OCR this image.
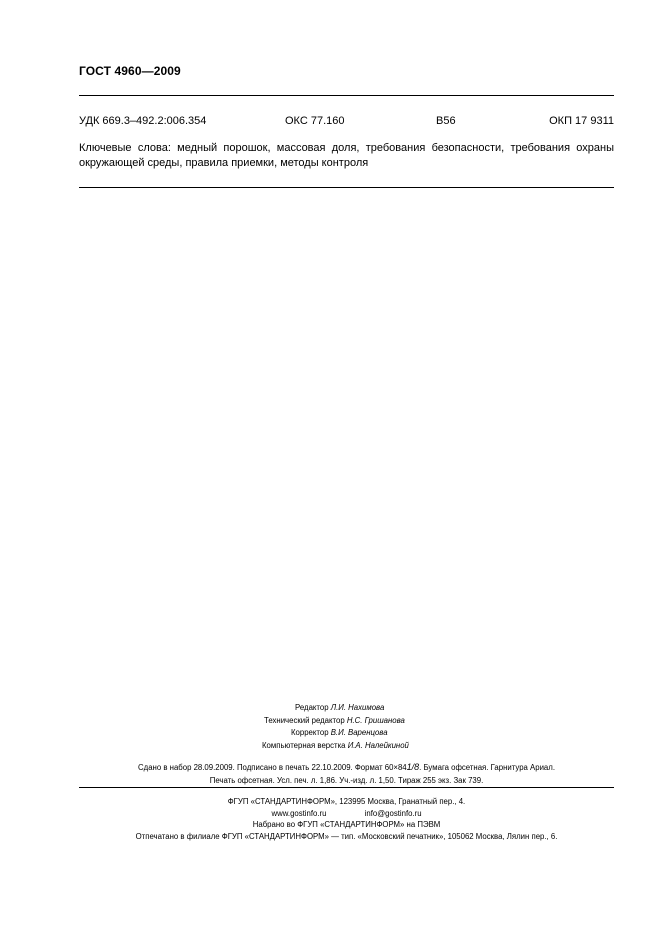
ГОСТ 4960—2009
УДК 669.3–492.2:006.354	ОКС 77.160	В56	ОКП 17 9311
Ключевые слова: медный порошок, массовая доля, требования безопасности, требования охраны
окружающей среды, правила приемки, методы контроля
Редактор Л.И. Нахимова
Технический редактор Н.С. Гришанова
Корректор В.И. Варенцова
Компьютерная верстка И.А. Налейкиной
Сдано в набор 28.09.2009. Подписано в печать 22.10.2009. Формат 60×841/8. Бумага офсетная. Гарнитура Ариал.
Печать офсетная. Усл. печ. л. 1,86. Уч.-изд. л. 1,50. Тираж 255 экз. Зак 739.
ФГУП «СТАНДАРТИНФОРМ», 123995 Москва, Гранатный пер., 4.
www.gostinfo.ru	info@gostinfo.ru
Набрано во ФГУП «СТАНДАРТИНФОРМ» на ПЭВМ
Отпечатано в филиале ФГУП «СТАНДАРТИНФОРМ» — тип. «Московский печатник», 105062 Москва, Лялин пер., 6.
